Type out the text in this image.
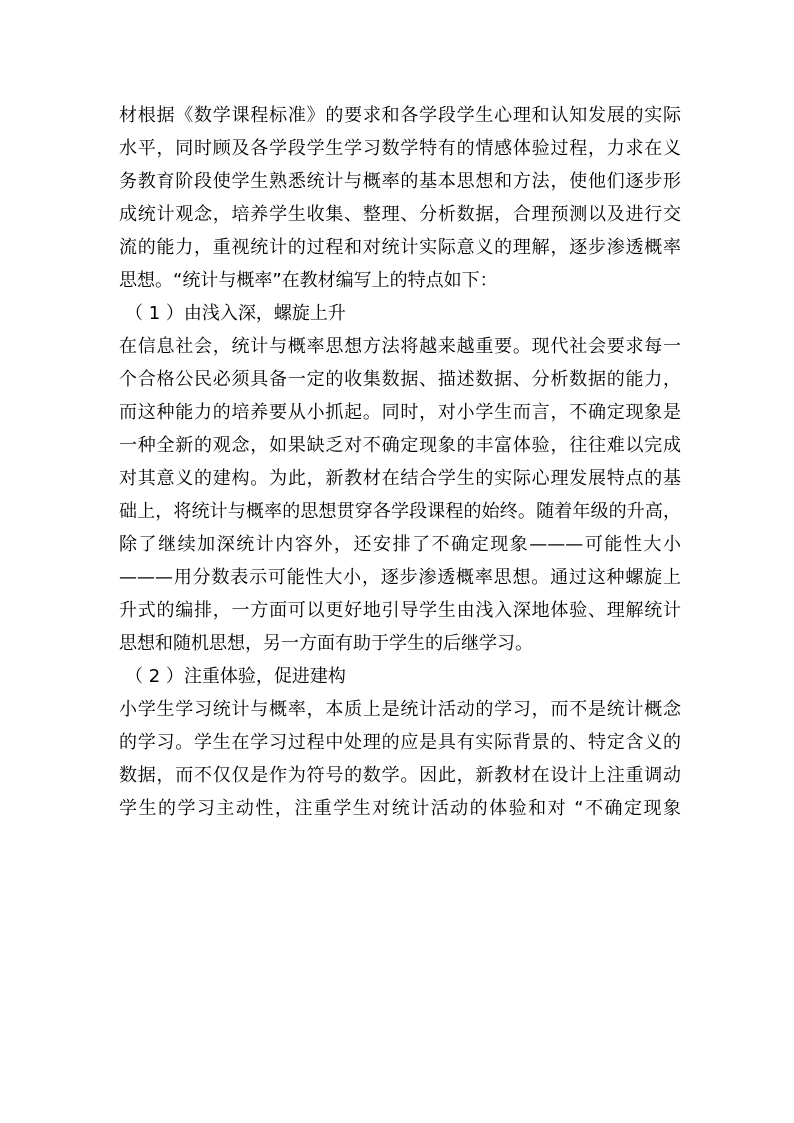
材根据《数学课程标准》的要求和各学段学生心理和认知发展的实际
水平，同时顾及各学段学生学习数学特有的情感体验过程，力求在义
务教育阶段使学生熟悉统计与概率的基本思想和方法，使他们逐步形
成统计观念，培养学生收集、整理、分析数据，合理预测以及进行交
流的能力，重视统计的过程和对统计实际意义的理解，逐步渗透概率
思想。“统计与概率”在教材编写上的特点如下：
（ 1 ）由浅入深，螺旋上升
在信息社会，统计与概率思想方法将越来越重要。现代社会要求每一
个合格公民必须具备一定的收集数据、描述数据、分析数据的能力，
而这种能力的培养要从小抓起。同时，对小学生而言，不确定现象是
一种全新的观念，如果缺乏对不确定现象的丰富体验，往往难以完成
对其意义的建构。为此，新教材在结合学生的实际心理发展特点的基
础上，将统计与概率的思想贯穿各学段课程的始终。随着年级的升高，
除了继续加深统计内容外，还安排了不确定现象———可能性大小
———用分数表示可能性大小，逐步渗透概率思想。通过这种螺旋上
升式的编排，一方面可以更好地引导学生由浅入深地体验、理解统计
思想和随机思想，另一方面有助于学生的后继学习。
（ 2 ）注重体验，促进建构
小学生学习统计与概率，本质上是统计活动的学习，而不是统计概念
的学习。学生在学习过程中处理的应是具有实际背景的、特定含义的
数据，而不仅仅是作为符号的数学。因此，新教材在设计上注重调动
学生的学习主动性，注重学生对统计活动的体验和对 “不确定现象
